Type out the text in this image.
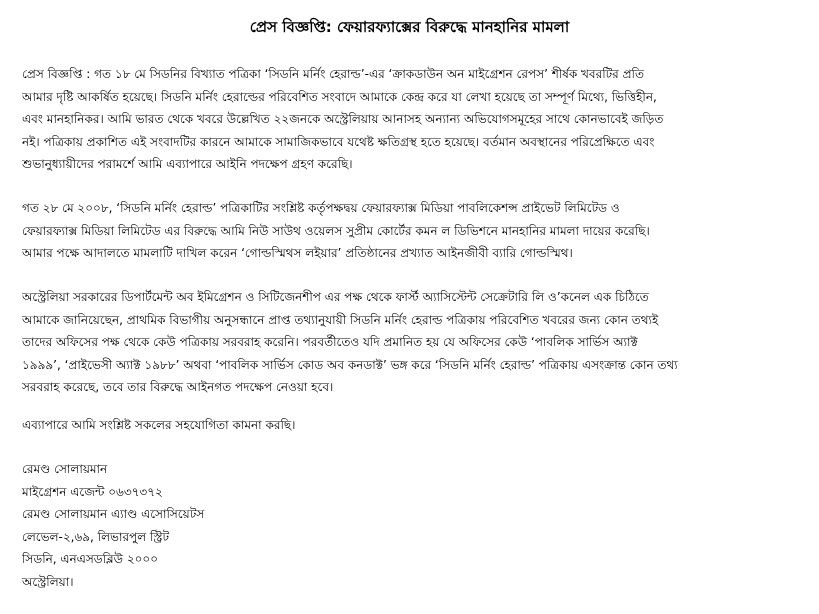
প্রেস বিজ্ঞপ্তি: ফেয়ারফ্যাক্সের বিরুদ্ধে মানহানির মামলা

প্রেস বিজ্ঞপ্তি : গত ১৮ মে সিডনির বিখ্যাত পত্রিকা ‘সিডনি মর্নিং হেরাল্ড’-এর ‘ক্রাকডাউন অন মাইগ্রেশন রেপস’ শীর্ষক খবরটির প্রতি
আমার দৃষ্টি আকর্ষিত হয়েছে। সিডনি মর্নিং হেরাল্ডের পরিবেশিত সংবাদে আমাকে কেন্দ্র করে যা লেখা হয়েছে তা সম্পূর্ণ মিথ্যে, ভিত্তিহীন,
এবং মানহানিকর। আমি ভারত থেকে খবরে উল্লেখিত ২২জনকে অস্ট্রেলিয়ায় আনাসহ অন্যান্য অভিযোগসমূহের সাথে কোনভাবেই জড়িত
নই। পত্রিকায় প্রকাশিত এই সংবাদটির কারনে আমাকে সামাজিকভাবে যথেষ্ট ক্ষতিগ্রস্থ হতে হয়েছে। বর্তমান অবস্থানের পরিপ্রেক্ষিতে এবং
শুভানুধ্যায়ীদের পরামর্শে আমি এব্যাপারে আইনি পদক্ষেপ গ্রহণ করেছি।

গত ২৮ মে ২০০৮, ‘সিডনি মর্নিং হেরাল্ড’ পত্রিকাটির সংশ্লিষ্ট কর্তৃপক্ষদ্বয় ফেয়ারফ্যাক্স মিডিয়া পাবলিকেশন্স প্রাইভেট লিমিটেড ও
ফেয়ারফ্যাক্স মিডিয়া লিমিটেড এর বিরুদ্ধে আমি নিউ সাউথ ওয়েলস সুপ্রীম কোর্টের কমন ল ডিভিশনে মানহানির মামলা দায়ের করেছি।
আমার পক্ষে আদালতে মামলাটি দাখিল করেন ‘গোল্ডস্মিথস লইয়ার’ প্রতিষ্ঠানের প্রখ্যাত আইনজীবী ব্যারি গোল্ডস্মিথ।

অস্ট্রেলিয়া সরকারের ডিপার্টমেন্ট অব ইমিগ্রেশন ও সিটিজেনশীপ এর পক্ষ থেকে ফার্স্ট অ্যাসিস্টেন্ট সেক্রেটারি লি ও’কনেল এক চিঠিতে
আমাকে জানিয়েছেন, প্রাথমিক বিভাগীয় অনুসন্ধানে প্রাপ্ত তথ্যানুযায়ী সিডনি মর্নিং হেরাল্ড পত্রিকায় পরিবেশিত খবরের জন্য কোন তথ্যই
তাদের অফিসের পক্ষ থেকে কেউ পত্রিকায় সরবরাহ করেনি। পরবর্তীতেও যদি প্রমানিত হয় যে অফিসের কেউ ‘পাবলিক সার্ভিস অ্যাক্ট
১৯৯৯’, ‘প্রাইভেসী অ্যাক্ট ১৯৮৮’ অথবা ‘পাবলিক সার্ভিস কোড অব কনডাক্ট’ ভঙ্গ করে ‘সিডনি মর্নিং হেরাল্ড’ পত্রিকায় এসংক্রান্ত কোন তথ্য
সরবরাহ করেছে, তবে তার বিরুদ্ধে আইনগত পদক্ষেপ নেওয়া হবে।

এব্যাপারে আমি সংশ্লিষ্ট সকলের সহযোগিতা কামনা করছি।

রেমণ্ড সোলায়মান
মাইগ্রেশন এজেন্ট ০৬৩৭৩৭২
রেমণ্ড সোলায়মান এ্যাণ্ড এসোসিয়েটস
লেভেল-২,৬৯, লিভারপুল স্ট্রিট
সিডনি, এনএসডব্লিউ ২০০০
অস্ট্রেলিয়া।
